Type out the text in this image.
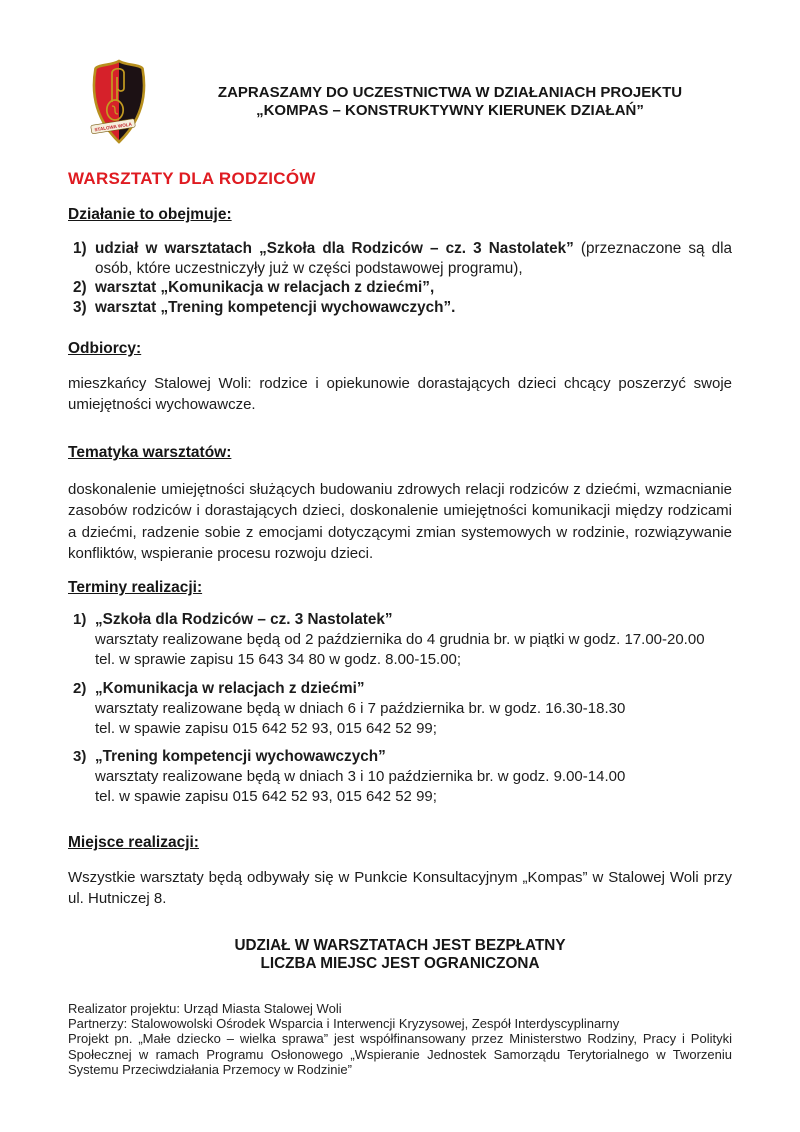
STALOWA WOLA
ZAPRASZAMY DO UCZESTNICTWA W DZIAŁANIACH PROJEKTU
„KOMPAS – KONSTRUKTYWNY KIERUNEK DZIAŁAŃ”
WARSZTATY DLA RODZICÓW
Działanie to obejmuje:
1) udział w warsztatach „Szkoła dla Rodziców – cz. 3 Nastolatek” (przeznaczone są dla osób, które uczestniczyły już w części podstawowej programu),
2) warsztat „Komunikacja w relacjach z dziećmi”,
3) warsztat „Trening kompetencji wychowawczych”.
Odbiorcy:
mieszkańcy Stalowej Woli: rodzice i opiekunowie dorastających dzieci chcący poszerzyć swoje umiejętności wychowawcze.
Tematyka warsztatów:
doskonalenie umiejętności służących budowaniu zdrowych relacji rodziców z dziećmi, wzmacnianie zasobów rodziców i dorastających dzieci, doskonalenie umiejętności komunikacji między rodzicami a dziećmi, radzenie sobie z emocjami dotyczącymi zmian systemowych w rodzinie, rozwiązywanie konfliktów, wspieranie procesu rozwoju dzieci.
Terminy realizacji:
1) „Szkoła dla Rodziców – cz. 3 Nastolatek”
warsztaty realizowane będą od 2 października do 4 grudnia br. w piątki w godz. 17.00-20.00
tel. w sprawie zapisu 15 643 34 80 w godz. 8.00-15.00;
2) „Komunikacja w relacjach z dziećmi”
warsztaty realizowane będą w dniach 6 i 7 października br. w godz. 16.30-18.30
tel. w spawie zapisu 015 642 52 93, 015 642 52 99;
3) „Trening kompetencji wychowawczych”
warsztaty realizowane będą w dniach 3 i 10 października br. w godz. 9.00-14.00
tel. w spawie zapisu 015 642 52 93, 015 642 52 99;
Miejsce realizacji:
Wszystkie warsztaty będą odbywały się w Punkcie Konsultacyjnym „Kompas” w Stalowej Woli przy ul. Hutniczej 8.
UDZIAŁ W WARSZTATACH JEST BEZPŁATNY
LICZBA MIEJSC JEST OGRANICZONA
Realizator projektu: Urząd Miasta Stalowej Woli
Partnerzy: Stalowowolski Ośrodek Wsparcia i Interwencji Kryzysowej, Zespół Interdyscyplinarny
Projekt pn. „Małe dziecko – wielka sprawa” jest współfinansowany przez Ministerstwo Rodziny, Pracy i Polityki Społecznej w ramach Programu Osłonowego „Wspieranie Jednostek Samorządu Terytorialnego w Tworzeniu Systemu Przeciwdziałania Przemocy w Rodzinie”
